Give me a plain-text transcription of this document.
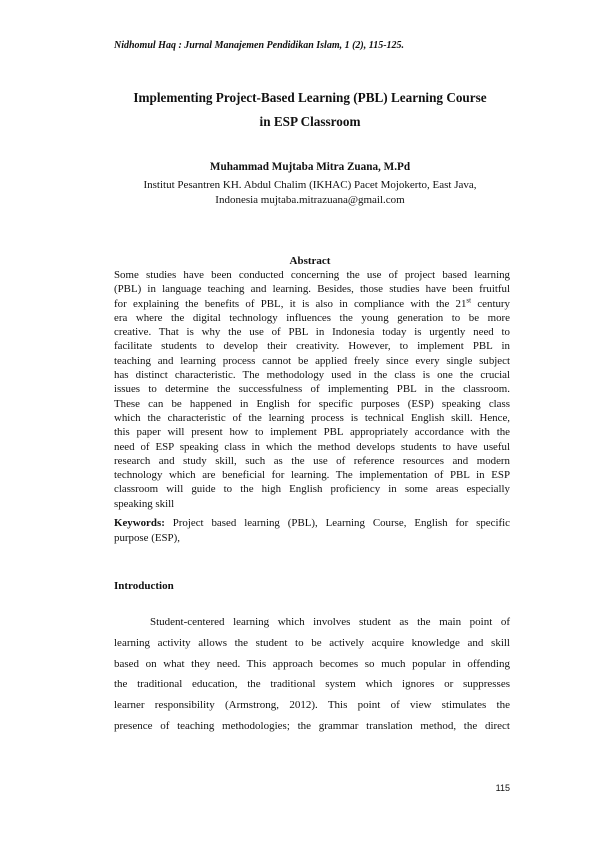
Nidhomul Haq : Jurnal Manajemen Pendidikan Islam, 1 (2), 115-125.
Implementing Project-Based Learning (PBL) Learning Course
in ESP Classroom
Muhammad Mujtaba Mitra Zuana, M.Pd
Institut Pesantren KH. Abdul Chalim (IKHAC) Pacet Mojokerto, East Java,
Indonesia mujtaba.mitrazuana@gmail.com
Abstract
Some studies have been conducted concerning the use of project based learning
(PBL) in language teaching and learning. Besides, those studies have been fruitful
for explaining the benefits of PBL, it is also in compliance with the 21st century
era where the digital technology influences the young generation to be more
creative. That is why the use of PBL in Indonesia today is urgently need to
facilitate students to develop their creativity. However, to implement PBL in
teaching and learning process cannot be applied freely since every single subject
has distinct characteristic. The methodology used in the class is one the crucial
issues to determine the successfulness of implementing PBL in the classroom.
These can be happened in English for specific purposes (ESP) speaking class
which the characteristic of the learning process is technical English skill. Hence,
this paper will present how to implement PBL appropriately accordance with the
need of ESP speaking class in which the method develops students to have useful
research and study skill, such as the use of reference resources and modern
technology which are beneficial for learning. The implementation of PBL in ESP
classroom will guide to the high English proficiency in some areas especially
speaking skill
Keywords: Project based learning (PBL), Learning Course, English for specific
purpose (ESP),
Introduction
Student-centered learning which involves student as the main point of
learning activity allows the student to be actively acquire knowledge and skill
based on what they need. This approach becomes so much popular in offending
the traditional education, the traditional system which ignores or suppresses
learner responsibility (Armstrong, 2012). This point of view stimulates the
presence of teaching methodologies; the grammar translation method, the direct
115
